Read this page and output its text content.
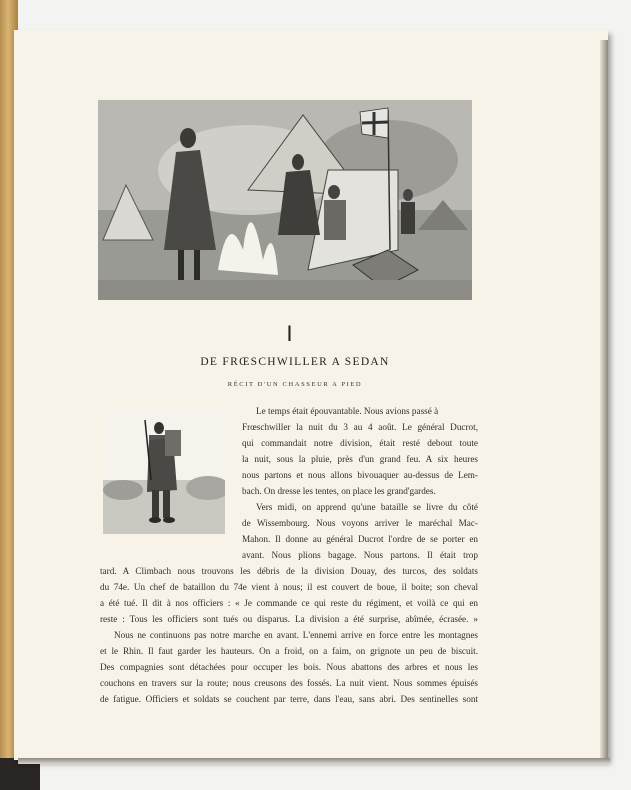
I
DE FRŒSCHWILLER A SEDAN
RÉCIT D'UN CHASSEUR A PIED
Le temps était épouvantable. Nous avions passé à
Frœschwiller la nuit du 3 au 4 août. Le général Ducrot,
qui commandait notre division, était resté debout toute
la nuit, sous la pluie, près d'un grand feu. A six heures
nous partons et nous allons bivouaquer au-dessus de Lem-
bach. On dresse les tentes, on place les grand'gardes.
Vers midi, on apprend qu'une bataille se livre du côté
de Wissembourg. Nous voyons arriver le maréchal Mac-
Mahon. Il donne au général Ducrot l'ordre de se porter en
avant. Nous plions bagage. Nous partons. Il était trop
tard. A Climbach nous trouvons les débris de la division Douay, des turcos, des soldats
du 74e. Un chef de bataillon du 74e vient à nous; il est couvert de boue, il boite; son cheval
a été tué. Il dit à nos officiers : « Je commande ce qui reste du régiment, et voilà ce qui en
reste : Tous les officiers sont tués ou disparus. La division a été surprise, abîmée, écrasée. »
Nous ne continuons pas notre marche en avant. L'ennemi arrive en force entre les montagnes
et le Rhin. Il faut garder les hauteurs. On a froid, on a faim, on grignote un peu de biscuit.
Des compagnies sont détachées pour occuper les bois. Nous abattons des arbres et nous les
couchons en travers sur la route; nous creusons des fossés. La nuit vient. Nous sommes épuisés
de fatigue. Officiers et soldats se couchent par terre, dans l'eau, sans abri. Des sentinelles sont
